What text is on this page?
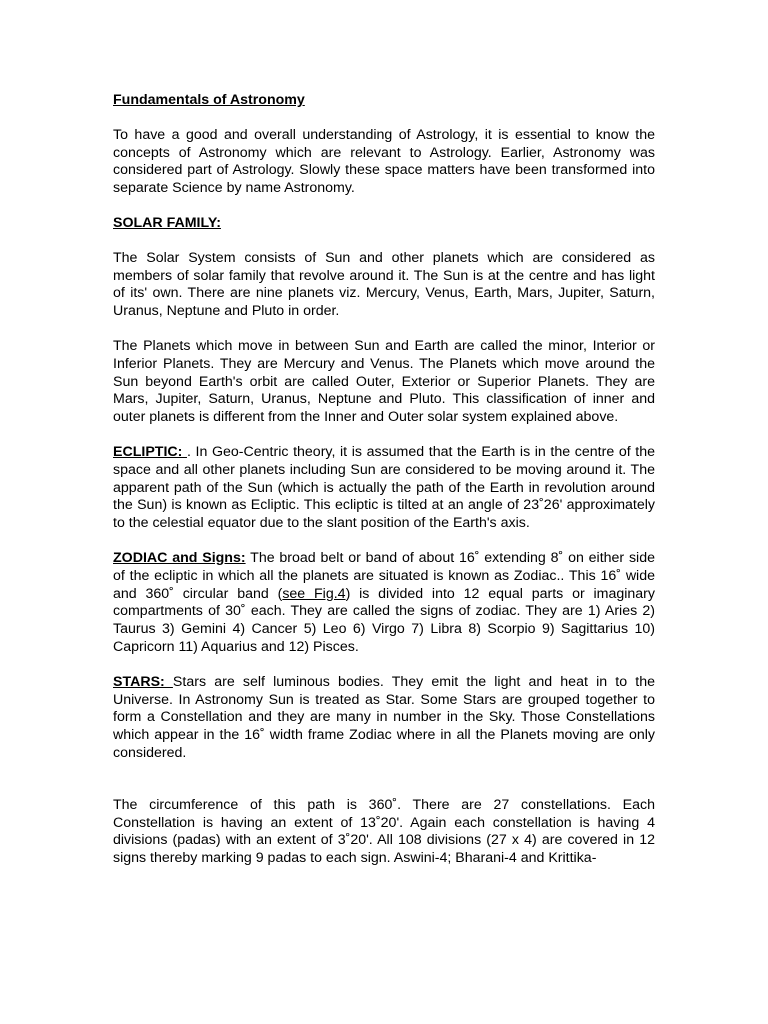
Fundamentals of Astronomy

To have a good and overall understanding of Astrology, it is essential to know the concepts of Astronomy which are relevant to Astrology. Earlier, Astronomy was considered part of Astrology. Slowly these space matters have been transformed into separate Science by name Astronomy.

SOLAR FAMILY:

The Solar System consists of Sun and other planets which are considered as members of solar family that revolve around it. The Sun is at the centre and has light of its' own. There are nine planets viz. Mercury, Venus, Earth, Mars, Jupiter, Saturn, Uranus, Neptune and Pluto in order.

The Planets which move in between Sun and Earth are called the minor, Interior or Inferior Planets. They are Mercury and Venus. The Planets which move around the Sun beyond Earth's orbit are called Outer, Exterior or Superior Planets. They are Mars, Jupiter, Saturn, Uranus, Neptune and Pluto. This classification of inner and outer planets is different from the Inner and Outer solar system explained above.

ECLIPTIC: . In Geo-Centric theory, it is assumed that the Earth is in the centre of the space and all other planets including Sun are considered to be moving around it. The apparent path of the Sun (which is actually the path of the Earth in revolution around the Sun) is known as Ecliptic. This ecliptic is tilted at an angle of 23˚26' approximately to the celestial equator due to the slant position of the Earth's axis.

ZODIAC and Signs: The broad belt or band of about 16˚ extending 8˚ on either side of the ecliptic in which all the planets are situated is known as Zodiac.. This 16˚ wide and 360˚ circular band (see Fig.4) is divided into 12 equal parts or imaginary compartments of 30˚ each. They are called the signs of zodiac. They are 1) Aries 2) Taurus 3) Gemini 4) Cancer 5) Leo 6) Virgo 7) Libra 8) Scorpio 9) Sagittarius 10) Capricorn 11) Aquarius and 12) Pisces.

STARS: Stars are self luminous bodies. They emit the light and heat in to the Universe. In Astronomy Sun is treated as Star. Some Stars are grouped together to form a Constellation and they are many in number in the Sky. Those Constellations which appear in the 16˚ width frame Zodiac where in all the Planets moving are only considered.

The circumference of this path is 360˚. There are 27 constellations. Each Constellation is having an extent of 13˚20'. Again each constellation is having 4 divisions (padas) with an extent of 3˚20'. All 108 divisions (27 x 4) are covered in 12 signs thereby marking 9 padas to each sign. Aswini-4; Bharani-4 and Krittika-
